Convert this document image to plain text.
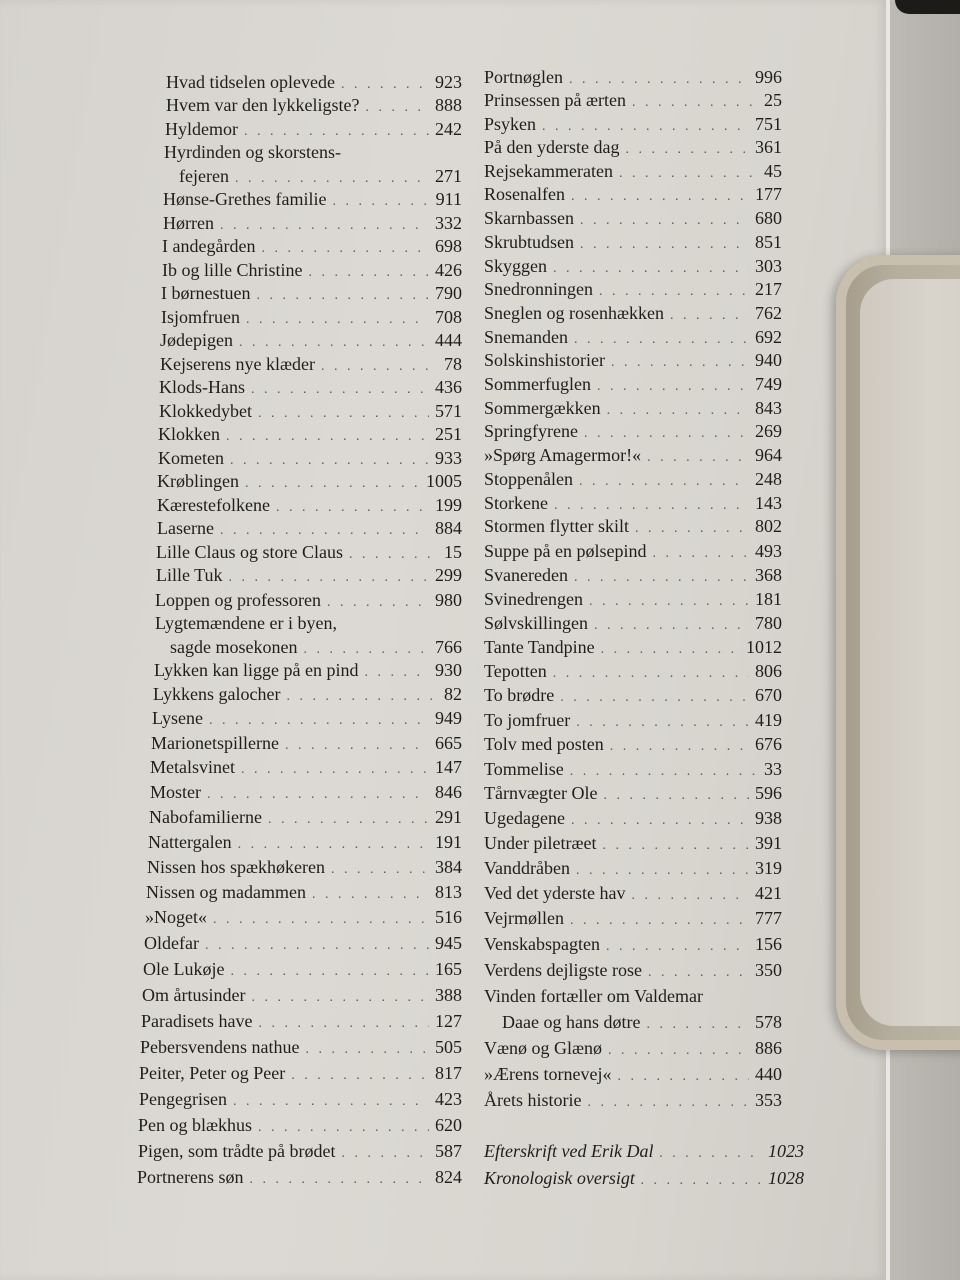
Hvad tidselen oplevede . . .	923
Hvem var den lykkeligste? . . .	888
Hyldemor . . .	242
Hyrdinden og skorstens-
fejeren . . .	271
Hønse-Grethes familie . . .	911
Hørren . . .	332
I andegården . . .	698
Ib og lille Christine . . .	426
I børnestuen . . .	790
Isjomfruen . . .	708
Jødepigen . . .	444
Kejserens nye klæder . . .	78
Klods-Hans . . .	436
Klokkedybet . . .	571
Klokken . . .	251
Kometen . . .	933
Krøblingen . . .	1005
Kærestefolkene . . .	199
Laserne . . .	884
Lille Claus og store Claus . . .	15
Lille Tuk . . .	299
Loppen og professoren . . .	980
Lygtemændene er i byen,
sagde mosekonen . . .	766
Lykken kan ligge på en pind . . .	930
Lykkens galocher . . .	82
Lysene . . .	949
Marionetspillerne . . .	665
Metalsvinet . . .	147
Moster . . .	846
Nabofamilierne . . .	291
Nattergalen . . .	191
Nissen hos spækhøkeren . . .	384
Nissen og madammen . . .	813
»Noget« . . .	516
Oldefar . . .	945
Ole Lukøje . . .	165
Om årtusinder . . .	388
Paradisets have . . .	127
Pebersvendens nathue . . .	505
Peiter, Peter og Peer . . .	817
Pengegrisen . . .	423
Pen og blækhus . . .	620
Pigen, som trådte på brødet . . .	587
Portnerens søn . . .	824
Portnøglen . . .	996
Prinsessen på ærten . . .	25
Psyken . . .	751
På den yderste dag . . .	361
Rejsekammeraten . . .	45
Rosenalfen . . .	177
Skarnbassen . . .	680
Skrubtudsen . . .	851
Skyggen . . .	303
Snedronningen . . .	217
Sneglen og rosenhækken . . .	762
Snemanden . . .	692
Solskinshistorier . . .	940
Sommerfuglen . . .	749
Sommergækken . . .	843
Springfyrene . . .	269
»Spørg Amagermor!« . . .	964
Stoppenålen . . .	248
Storkene . . .	143
Stormen flytter skilt . . .	802
Suppe på en pølsepind . . .	493
Svanereden . . .	368
Svinedrengen . . .	181
Sølvskillingen . . .	780
Tante Tandpine . . .	1012
Tepotten . . .	806
To brødre . . .	670
To jomfruer . . .	419
Tolv med posten . . .	676
Tommelise . . .	33
Tårnvægter Ole . . .	596
Ugedagene . . .	938
Under piletræet . . .	391
Vanddråben . . .	319
Ved det yderste hav . . .	421
Vejrmøllen . . .	777
Venskabspagten . . .	156
Verdens dejligste rose . . .	350
Vinden fortæller om Valdemar
Daae og hans døtre . . .	578
Vænø og Glænø . . .	886
»Ærens tornevej« . . .	440
Årets historie . . .	353
Efterskrift ved Erik Dal . . .	1023
Kronologisk oversigt . . .	1028
